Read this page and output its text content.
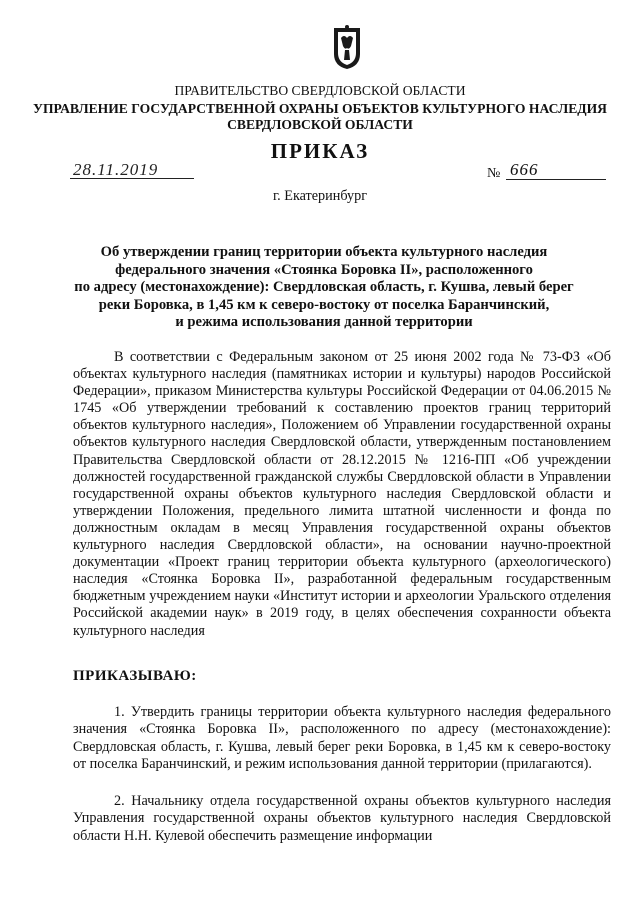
ПРАВИТЕЛЬСТВО СВЕРДЛОВСКОЙ ОБЛАСТИ
УПРАВЛЕНИЕ ГОСУДАРСТВЕННОЙ ОХРАНЫ ОБЪЕКТОВ КУЛЬТУРНОГО НАСЛЕДИЯ
СВЕРДЛОВСКОЙ ОБЛАСТИ
ПРИКАЗ
28.11.2019	№ 666
г. Екатеринбург
Об утверждении границ территории объекта культурного наследия
федерального значения «Стоянка Боровка II», расположенного
по адресу (местонахождение): Свердловская область, г. Кушва, левый берег
реки Боровка, в 1,45 км к северо-востоку от поселка Баранчинский,
и режима использования данной территории

В соответствии с Федеральным законом от 25 июня 2002 года № 73-ФЗ «Об объектах культурного наследия (памятниках истории и культуры) народов Российской Федерации», приказом Министерства культуры Российской Федерации от 04.06.2015 № 1745 «Об утверждении требований к составлению проектов границ территорий объектов культурного наследия», Положением об Управлении государственной охраны объектов культурного наследия Свердловской области, утвержденным постановлением Правительства Свердловской области от 28.12.2015 № 1216-ПП «Об учреждении должностей государственной гражданской службы Свердловской области в Управлении государственной охраны объектов культурного наследия Свердловской области и утверждении Положения, предельного лимита штатной численности и фонда по должностным окладам в месяц Управления государственной охраны объектов культурного наследия Свердловской области», на основании научно-проектной документации «Проект границ территории объекта культурного (археологического) наследия «Стоянка Боровка II», разработанной федеральным государственным бюджетным учреждением науки «Институт истории и археологии Уральского отделения Российской академии наук» в 2019 году, в целях обеспечения сохранности объекта культурного наследия

ПРИКАЗЫВАЮ:

1. Утвердить границы территории объекта культурного наследия федерального значения «Стоянка Боровка II», расположенного по адресу (местонахождение): Свердловская область, г. Кушва, левый берег реки Боровка, в 1,45 км к северо-востоку от поселка Баранчинский, и режим использования данной территории (прилагаются).

2. Начальнику отдела государственной охраны объектов культурного наследия Управления государственной охраны объектов культурного наследия Свердловской области Н.Н. Кулевой обеспечить размещение информации
